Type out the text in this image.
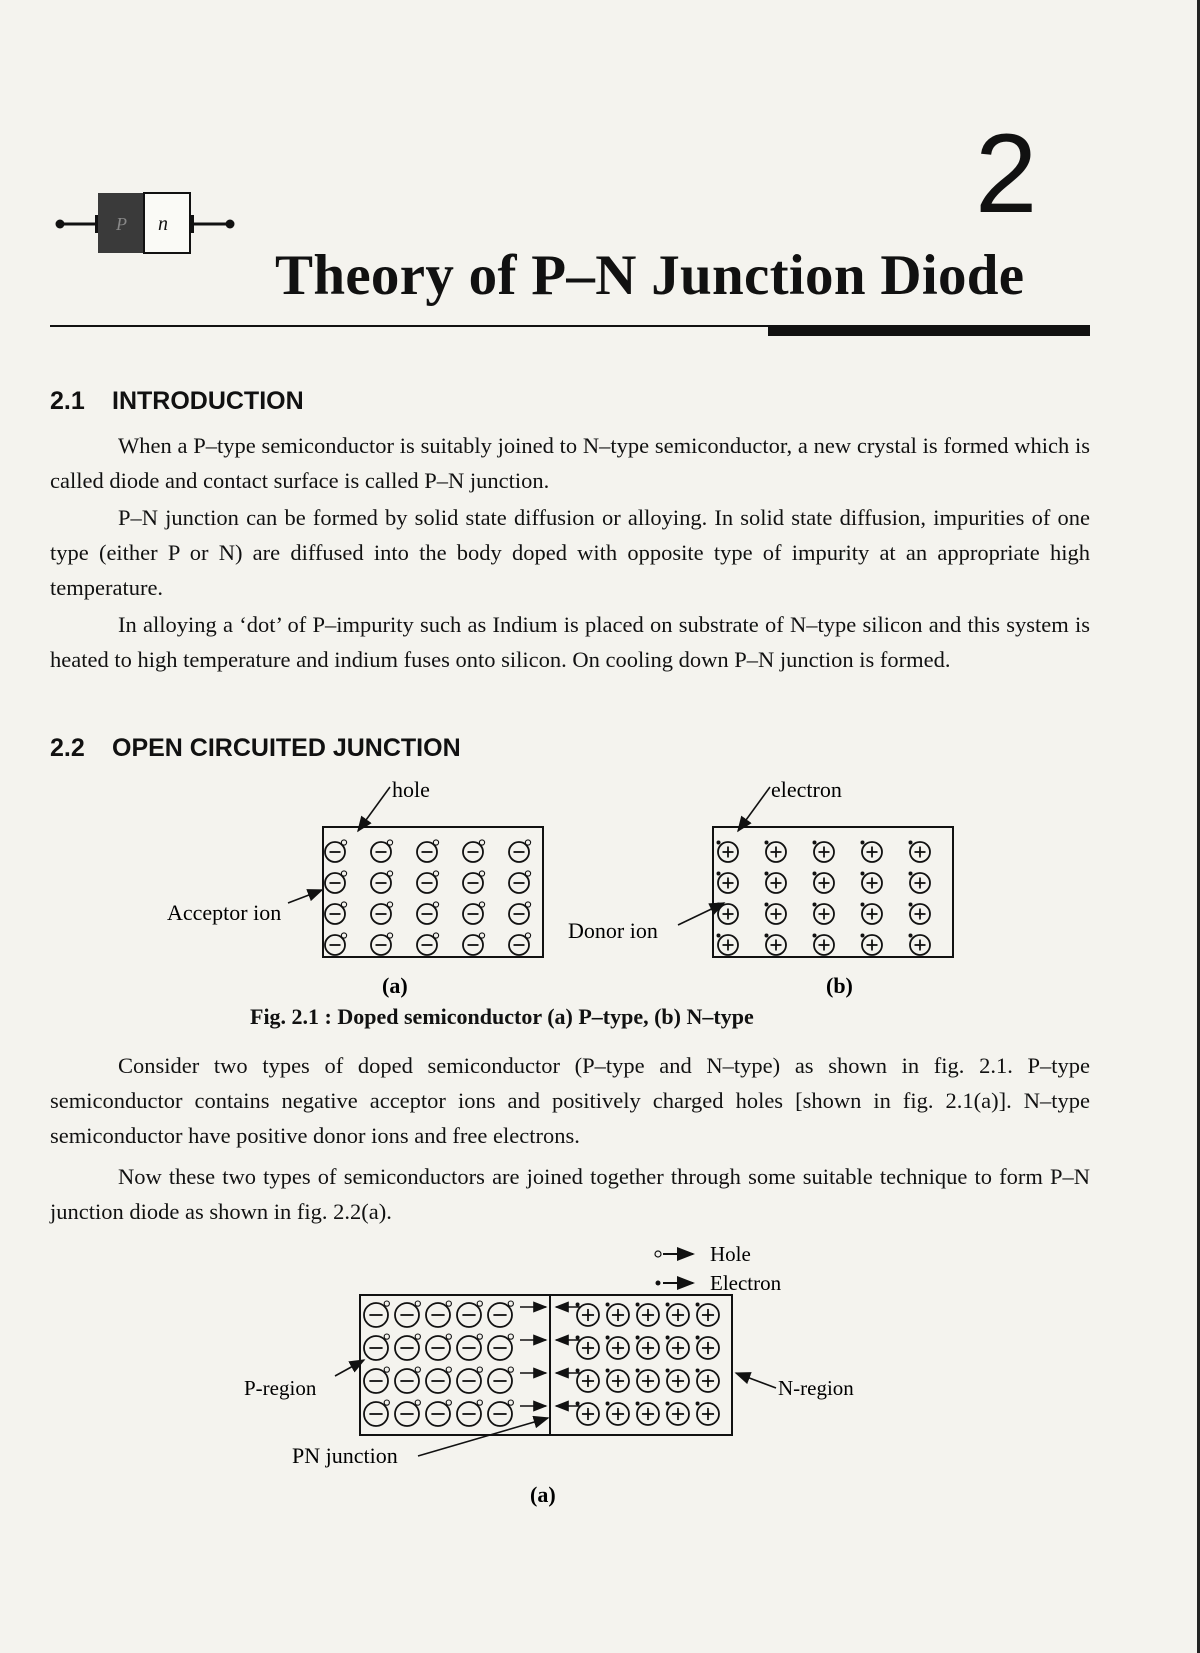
P n	2
Theory of P–N Junction Diode
2.1 INTRODUCTION

When a P–type semiconductor is suitably joined to N–type semiconductor, a new crystal is formed which is called diode and contact surface is called P–N junction.

P–N junction can be formed by solid state diffusion or alloying. In solid state diffusion, impurities of one type (either P or N) are diffused into the body doped with opposite type of impurity at an appropriate high temperature.

In alloying a ‘dot’ of P–impurity such as Indium is placed on substrate of N–type silicon and this system is heated to high temperature and indium fuses onto silicon. On cooling down P–N junction is formed.

2.2 OPEN CIRCUITED JUNCTION
hole
Acceptor ion
(a)
electron
Donor ion
(b)
Fig. 2.1 : Doped semiconductor (a) P–type, (b) N–type

Consider two types of doped semiconductor (P–type and N–type) as shown in fig. 2.1. P–type semiconductor contains negative acceptor ions and positively charged holes [shown in fig. 2.1(a)]. N–type semiconductor have positive donor ions and free electrons.

Now these two types of semiconductors are joined together through some suitable technique to form P–N junction diode as shown in fig. 2.2(a).

Hole
Electron
P-region	N-region
PN junction
(a)
